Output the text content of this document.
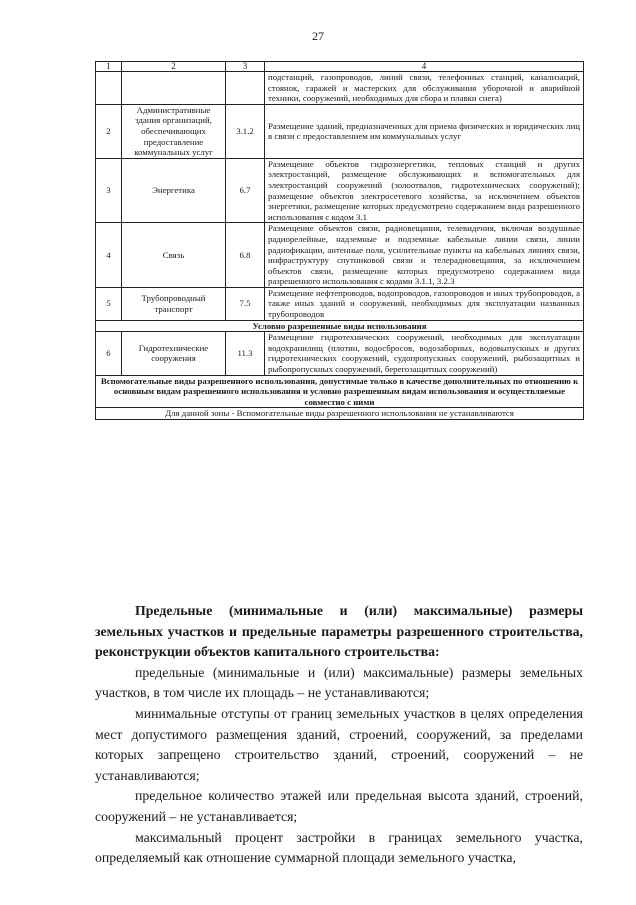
27
1	2	3	4
			подстанций, газопроводов, линий связи, телефонных станций, канализаций, стоянок, гаражей и мастерских для обслуживания уборочной и аварийной техники, сооружений, необходимых для сбора и плавки снега)
2	Административные здания организаций, обеспечивающих предоставление коммунальных услуг	3.1.2	Размещение зданий, предназначенных для приема физических и юридических лиц в связи с предоставлением им коммунальных услуг
3	Энергетика	6.7	Размещение объектов гидроэнергетики, тепловых станций и других электростанций, размещение обслуживающих и вспомогательных для электростанций сооружений (золоотвалов, гидротехнических сооружений); размещение объектов электросетевого хозяйства, за исключением объектов энергетики, размещение которых предусмотрено содержанием вида разрешенного использования с кодом 3.1
4	Связь	6.8	Размещение объектов связи, радиовещания, телевидения, включая воздушные радиорелейные, надземные и подземные кабельные линии связи, линии радиофикации, антенные поля, усилительные пункты на кабельных линиях связи, инфраструктуру спутниковой связи и телерадиовещания, за исключением объектов связи, размещение которых предусмотрено содержанием вида разрешенного использования с кодами 3.1.1, 3.2.3
5	Трубопроводный транспорт	7.5	Размещение нефтепроводов, водопроводов, газопроводов и иных трубопроводов, а также иных зданий и сооружений, необходимых для эксплуатации названных трубопроводов
Условно разрешенные виды использования			
6	Гидротехнические сооружения	11.3	Размещение гидротехнических сооружений, необходимых для эксплуатации водохранилищ (плотин, водосбросов, водозаборных, водовыпускных и других гидротехнических сооружений, судопропускных сооружений, рыбозащитных и рыбопропускных сооружений, берегозащитных сооружений)
Вспомогательные виды разрешенного использования, допустимые только в качестве дополнительных по отношению к основным видам разрешенного использования и условно разрешенным видам использования и осуществляемые совместно с ними			
Для данной зоны - Вспомогательные виды разрешенного использования не устанавливаются			

Предельные (минимальные и (или) максимальные) размеры земельных участков и предельные параметры разрешенного строительства, реконструкции объектов капитального строительства:

предельные (минимальные и (или) максимальные) размеры земельных участков, в том числе их площадь – не устанавливаются;

минимальные отступы от границ земельных участков в целях определения мест допустимого размещения зданий, строений, сооружений, за пределами которых запрещено строительство зданий, строений, сооружений – не устанавливаются;

предельное количество этажей или предельная высота зданий, строений, сооружений – не устанавливается;

максимальный процент застройки в границах земельного участка, определяемый как отношение суммарной площади земельного участка,
